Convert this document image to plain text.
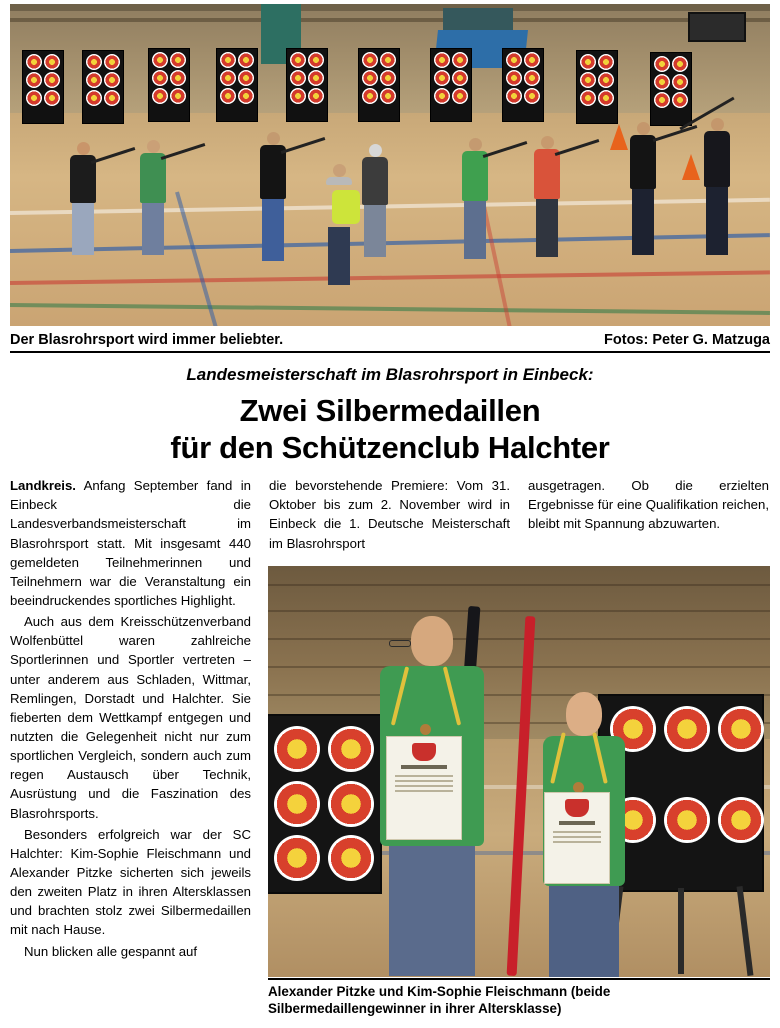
Der Blasrohrsport wird immer beliebter.	Fotos: Peter G. Matzuga
Landesmeisterschaft im Blasrohrsport in Einbeck:
Zwei Silbermedaillen
für den Schützenclub Halchter

Landkreis. Anfang September fand in Einbeck die Landesverbandsmeisterschaft im Blasrohrsport statt. Mit insgesamt 440 gemeldeten Teilnehmerinnen und Teilnehmern war die Veranstaltung ein beeindruckendes sportliches Highlight.

Auch aus dem Kreisschützenverband Wolfenbüttel waren zahlreiche Sportlerinnen und Sportler vertreten – unter anderem aus Schladen, Wittmar, Remlingen, Dorstadt und Halchter. Sie fieberten dem Wettkampf entgegen und nutzten die Gelegenheit nicht nur zum sportlichen Vergleich, sondern auch zum regen Austausch über Technik, Ausrüstung und die Faszination des Blasrohrsports.

Besonders erfolgreich war der SC Halchter: Kim-Sophie Fleischmann und Alexander Pitzke sicherten sich jeweils den zweiten Platz in ihren Altersklassen und brachten stolz zwei Silbermedaillen mit nach Hause.

Nun blicken alle gespannt auf

die bevorstehende Premiere: Vom 31. Oktober bis zum 2. November wird in Einbeck die 1. Deutsche Meisterschaft im Blasrohrsport

ausgetragen. Ob die erzielten Ergebnisse für eine Qualifikation reichen, bleibt mit Spannung abzuwarten.

Alexander Pitzke und Kim-Sophie Fleischmann (beide Silbermedaillengewinner in ihrer Altersklasse)
